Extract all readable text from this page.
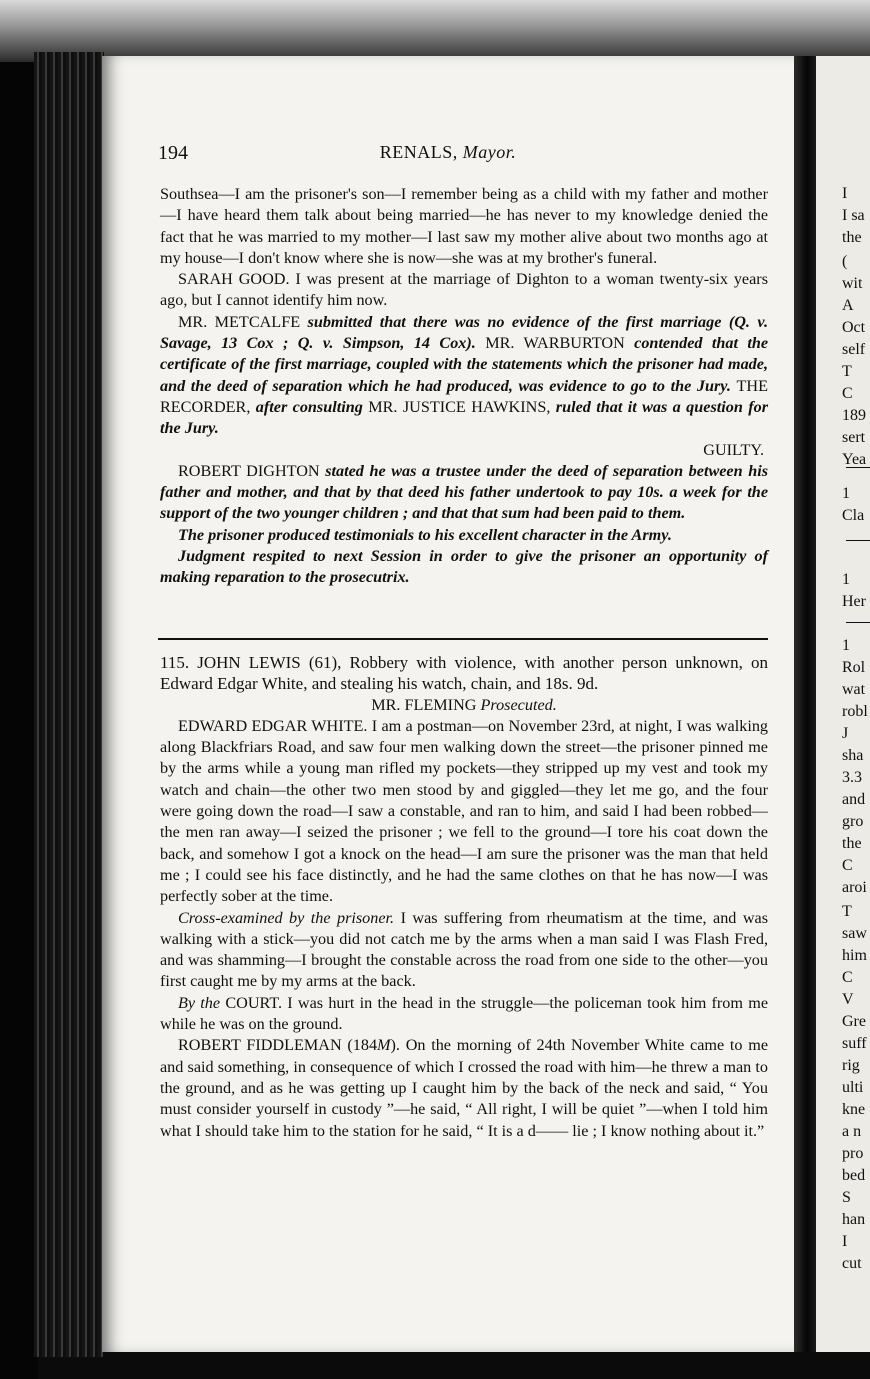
194	RENALS, Mayor.

Southsea—I am the prisoner's son—I remember being as a child with my father and mother—I have heard them talk about being married—he has never to my knowledge denied the fact that he was married to my mother—I last saw my mother alive about two months ago at my house—I don't know where she is now—she was at my brother's funeral.

SARAH GOOD. I was present at the marriage of Dighton to a woman twenty-six years ago, but I cannot identify him now.

MR. METCALFE submitted that there was no evidence of the first marriage (Q. v. Savage, 13 Cox ; Q. v. Simpson, 14 Cox). MR. WARBURTON contended that the certificate of the first marriage, coupled with the statements which the prisoner had made, and the deed of separation which he had produced, was evidence to go to the Jury. THE RECORDER, after consulting MR. JUSTICE HAWKINS, ruled that it was a question for the Jury.

GUILTY.

ROBERT DIGHTON stated he was a trustee under the deed of separation between his father and mother, and that by that deed his father undertook to pay 10s. a week for the support of the two younger children ; and that that sum had been paid to them.

The prisoner produced testimonials to his excellent character in the Army.

Judgment respited to next Session in order to give the prisoner an opportunity of making reparation to the prosecutrix.

115. JOHN LEWIS (61), Robbery with violence, with another person unknown, on Edward Edgar White, and stealing his watch, chain, and 18s. 9d.

MR. FLEMING Prosecuted.

EDWARD EDGAR WHITE. I am a postman—on November 23rd, at night, I was walking along Blackfriars Road, and saw four men walking down the street—the prisoner pinned me by the arms while a young man rifled my pockets—they stripped up my vest and took my watch and chain—the other two men stood by and giggled—they let me go, and the four were going down the road—I saw a constable, and ran to him, and said I had been robbed—the men ran away—I seized the prisoner ; we fell to the ground—I tore his coat down the back, and somehow I got a knock on the head—I am sure the prisoner was the man that held me ; I could see his face distinctly, and he had the same clothes on that he has now—I was perfectly sober at the time.

Cross-examined by the prisoner. I was suffering from rheumatism at the time, and was walking with a stick—you did not catch me by the arms when a man said I was Flash Fred, and was shamming—I brought the constable across the road from one side to the other—you first caught me by my arms at the back.

By the COURT. I was hurt in the head in the struggle—the policeman took him from me while he was on the ground.

ROBERT FIDDLEMAN (184M). On the morning of 24th November White came to me and said something, in consequence of which I crossed the road with him—he threw a man to the ground, and as he was getting up I caught him by the back of the neck and said, “ You must consider yourself in custody ”—he said, “ All right, I will be quiet ”—when I told him what I should take him to the station for he said, “ It is a d—— lie ; I know nothing about it.”

I
I sa
the
(
wit
A
Oct
self
T
C
189
sert
Yea
1
Cla
1
Her
1
Rol
wat
robl
J
sha
3.3
and
gro
the
C
aroi
T
saw
him
C
V
Gre
suff
rig
ulti
kne
a n
pro
bed
S
han
I
cut
